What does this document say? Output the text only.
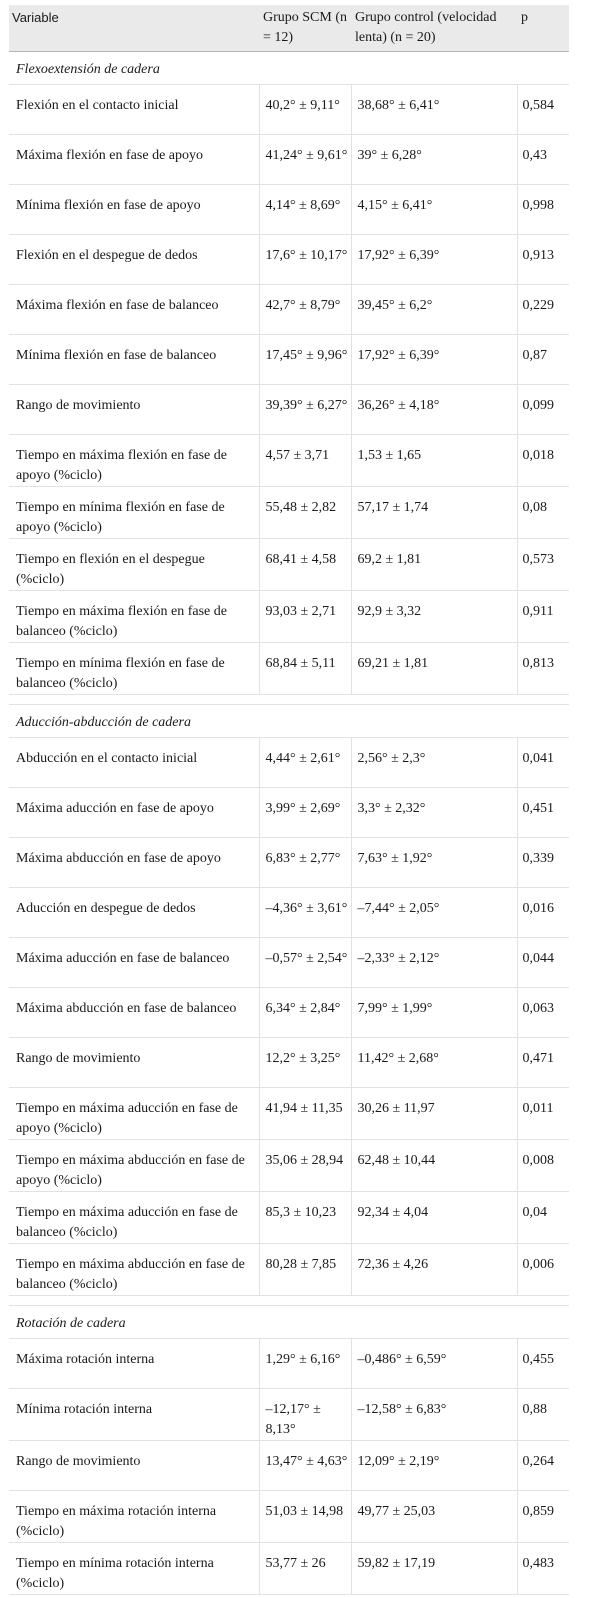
Variable	Grupo SCM (n = 12)	Grupo control (velocidad lenta) (n = 20)	p
Flexoextensión de cadera			
Flexión en el contacto inicial	40,2° ± 9,11°	38,68° ± 6,41°	0,584
Máxima flexión en fase de apoyo	41,24° ± 9,61°	39° ± 6,28°	0,43
Mínima flexión en fase de apoyo	4,14° ± 8,69°	4,15° ± 6,41°	0,998
Flexión en el despegue de dedos	17,6° ± 10,17°	17,92° ± 6,39°	0,913
Máxima flexión en fase de balanceo	42,7° ± 8,79°	39,45° ± 6,2°	0,229
Mínima flexión en fase de balanceo	17,45° ± 9,96°	17,92° ± 6,39°	0,87
Rango de movimiento	39,39° ± 6,27°	36,26° ± 4,18°	0,099
Tiempo en máxima flexión en fase de apoyo (%ciclo)	4,57 ± 3,71	1,53 ± 1,65	0,018
Tiempo en mínima flexión en fase de apoyo (%ciclo)	55,48 ± 2,82	57,17 ± 1,74	0,08
Tiempo en flexión en el despegue (%ciclo)	68,41 ± 4,58	69,2 ± 1,81	0,573
Tiempo en máxima flexión en fase de balanceo (%ciclo)	93,03 ± 2,71	92,9 ± 3,32	0,911
Tiempo en mínima flexión en fase de balanceo (%ciclo)	68,84 ± 5,11	69,21 ± 1,81	0,813

Aducción-abducción de cadera			
Abducción en el contacto inicial	4,44° ± 2,61°	2,56° ± 2,3°	0,041
Máxima aducción en fase de apoyo	3,99° ± 2,69°	3,3° ± 2,32°	0,451
Máxima abducción en fase de apoyo	6,83° ± 2,77°	7,63° ± 1,92°	0,339
Aducción en despegue de dedos	–4,36° ± 3,61°	–7,44° ± 2,05°	0,016
Máxima aducción en fase de balanceo	–0,57° ± 2,54°	–2,33° ± 2,12°	0,044
Máxima abducción en fase de balanceo	6,34° ± 2,84°	7,99° ± 1,99°	0,063
Rango de movimiento	12,2° ± 3,25°	11,42° ± 2,68°	0,471
Tiempo en máxima aducción en fase de apoyo (%ciclo)	41,94 ± 11,35	30,26 ± 11,97	0,011
Tiempo en máxima abducción en fase de apoyo (%ciclo)	35,06 ± 28,94	62,48 ± 10,44	0,008
Tiempo en máxima aducción en fase de balanceo (%ciclo)	85,3 ± 10,23	92,34 ± 4,04	0,04
Tiempo en máxima abducción en fase de balanceo (%ciclo)	80,28 ± 7,85	72,36 ± 4,26	0,006

Rotación de cadera			
Máxima rotación interna	1,29° ± 6,16°	–0,486° ± 6,59°	0,455
Mínima rotación interna	–12,17° ± 8,13°	–12,58° ± 6,83°	0,88
Rango de movimiento	13,47° ± 4,63°	12,09° ± 2,19°	0,264
Tiempo en máxima rotación interna (%ciclo)	51,03 ± 14,98	49,77 ± 25,03	0,859
Tiempo en mínima rotación interna (%ciclo)	53,77 ± 26	59,82 ± 17,19	0,483
